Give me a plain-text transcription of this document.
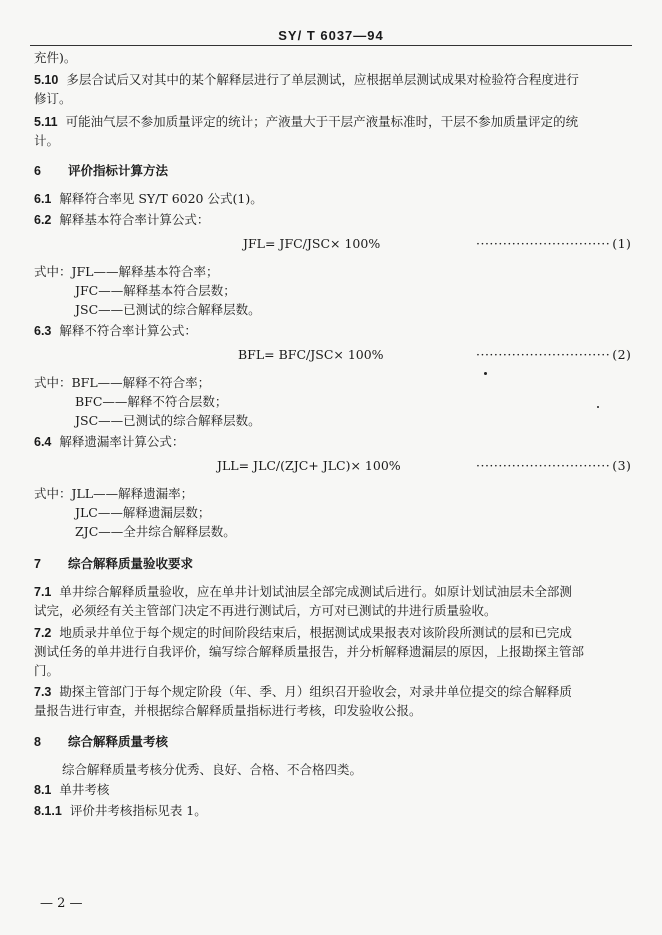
SY/ T 6037—94
充件)。
5.10 多层合试后又对其中的某个解释层进行了单层测试，应根据单层测试成果对检验符合程度进行
修订。
5.11 可能油气层不参加质量评定的统计；产液量大于干层产液量标准时，干层不参加质量评定的统
计。
6 评价指标计算方法
6.1 解释符合率见 SY/T 6020 公式(1)。
6.2 解释基本符合率计算公式：
JFL= JFC/JSC× 100%	······························ (1)
式中：JFL——解释基本符合率；
JFC——解释基本符合层数；
JSC——已测试的综合解释层数。
6.3 解释不符合率计算公式：
BFL= BFC/JSC× 100%	······························ (2)
式中：BFL——解释不符合率；
BFC——解释不符合层数；
JSC——已测试的综合解释层数。
6.4 解释遗漏率计算公式：
JLL= JLC/(ZJC+ JLC)× 100%	······························ (3)
式中：JLL——解释遗漏率；
JLC——解释遗漏层数；
ZJC——全井综合解释层数。
7 综合解释质量验收要求
7.1 单井综合解释质量验收，应在单井计划试油层全部完成测试后进行。如原计划试油层未全部测
试完，必须经有关主管部门决定不再进行测试后，方可对已测试的井进行质量验收。
7.2 地质录井单位于每个规定的时间阶段结束后，根据测试成果报表对该阶段所测试的层和已完成
测试任务的单井进行自我评价，编写综合解释质量报告，并分析解释遗漏层的原因，上报勘探主管部
门。
7.3 勘探主管部门于每个规定阶段（年、季、月）组织召开验收会，对录井单位提交的综合解释质
量报告进行审查，并根据综合解释质量指标进行考核，印发验收公报。
8 综合解释质量考核
综合解释质量考核分优秀、良好、合格、不合格四类。
8.1 单井考核
8.1.1 评价井考核指标见表 1。
— 2 —
